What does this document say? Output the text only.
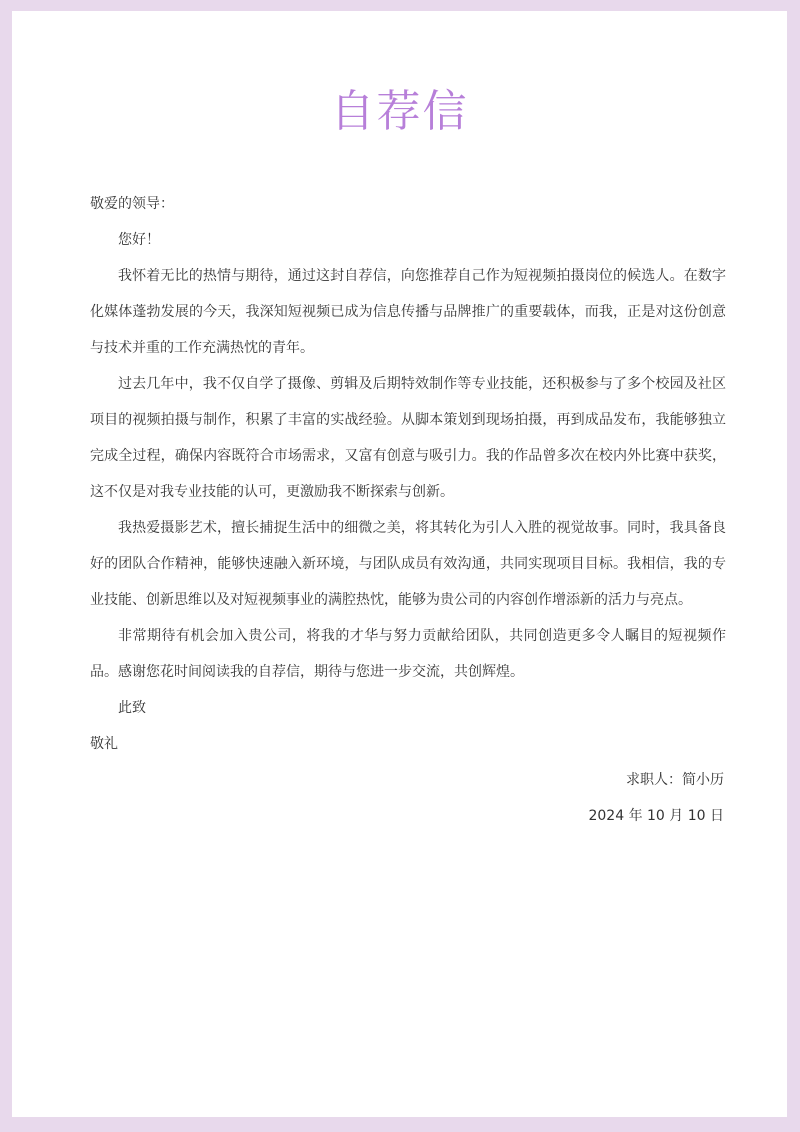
自荐信

敬爱的领导：

您好！

我怀着无比的热情与期待，通过这封自荐信，向您推荐自己作为短视频拍摄岗位的候选人。在数字化媒体蓬勃发展的今天，我深知短视频已成为信息传播与品牌推广的重要载体，而我，正是对这份创意与技术并重的工作充满热忱的青年。

过去几年中，我不仅自学了摄像、剪辑及后期特效制作等专业技能，还积极参与了多个校园及社区项目的视频拍摄与制作，积累了丰富的实战经验。从脚本策划到现场拍摄，再到成品发布，我能够独立完成全过程，确保内容既符合市场需求，又富有创意与吸引力。我的作品曾多次在校内外比赛中获奖，这不仅是对我专业技能的认可，更激励我不断探索与创新。

我热爱摄影艺术，擅长捕捉生活中的细微之美，将其转化为引人入胜的视觉故事。同时，我具备良好的团队合作精神，能够快速融入新环境，与团队成员有效沟通，共同实现项目目标。我相信，我的专业技能、创新思维以及对短视频事业的满腔热忱，能够为贵公司的内容创作增添新的活力与亮点。

非常期待有机会加入贵公司，将我的才华与努力贡献给团队，共同创造更多令人瞩目的短视频作品。感谢您花时间阅读我的自荐信，期待与您进一步交流，共创辉煌。

此致

敬礼

求职人：简小历

2024 年 10 月 10 日
